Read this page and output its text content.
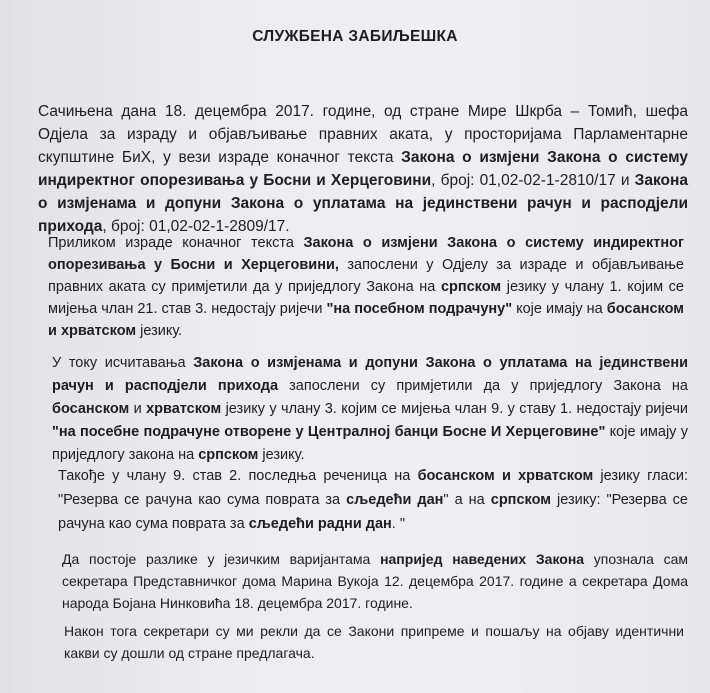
СЛУЖБЕНА ЗАБИЉЕШКА

Сачињена дана 18. децембра 2017. године, од стране Мире Шкрба – Томић, шефа Одјела за израду и објављивање правних аката, у просторијама Парламентарне скупштине БиХ, у вези израде коначног текста Закона о измјени Закона о систему индиректног опорезивања у Босни и Херцеговини, број: 01,02-02-1-2810/17 и Закона о измјенама и допуни Закона о уплатама на јединствени рачун и расподјели прихода, број: 01,02-02-1-2809/17.

Приликом израде коначног текста Закона о измјени Закона о систему индиректног опорезивања у Босни и Херцеговини, запослени у Одјелу за израде и објављивање правних аката су примјетили да у приједлогу Закона на српском језику у члану 1. којим се мијења члан 21. став 3. недостају ријечи "на посебном подрачуну" које имају на босанском и хрватском језику.

У току исчитавања Закона о измјенама и допуни Закона о уплатама на јединствени рачун и расподјели прихода запослени су примјетили да у приједлогу Закона на босанском и хрватском језику у члану 3. којим се мијења члан 9. у ставу 1. недостају ријечи "на посебне подрачуне отворене у Централној банци Босне И Херцеговине" које имају у приједлогу закона на српском језику.

Такође у члану 9. став 2. последња реченица на босанском и хрватском језику гласи: "Резерва се рачуна као сума поврата за сљедећи дан" а на српском језику: "Резерва се рачуна као сума поврата за сљедећи радни дан. "

Да постоје разлике у језичким варијантама напријед наведених Закона упознала сам секретара Представничког дома Марина Вукоја 12. децембра 2017. године а секретара Дома народа Бојана Нинковића 18. децембра 2017. године.

Након тога секретари су ми рекли да се Закони припреме и пошаљу на објаву идентични какви су дошли од стране предлагача.
